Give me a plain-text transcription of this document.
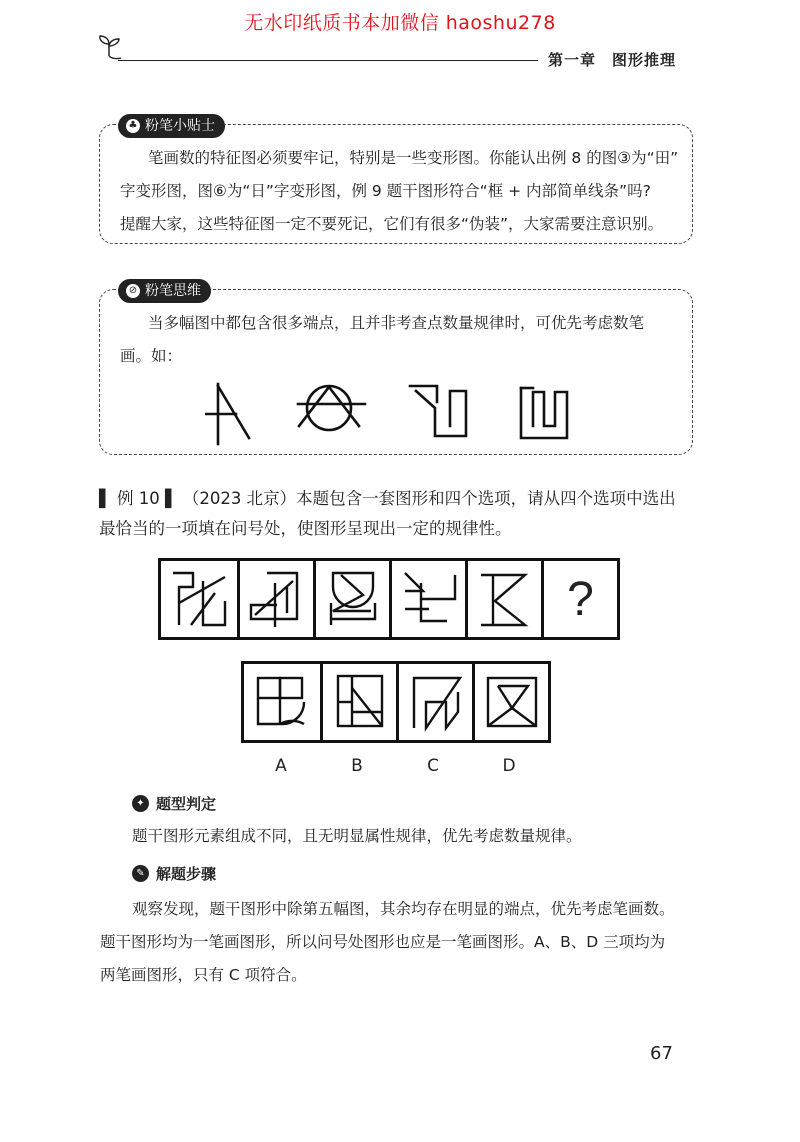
无水印纸质书本加微信 haoshu278
第一章　图形推理
♣ 粉笔小贴士
笔画数的特征图必须要牢记，特别是一些变形图。你能认出例 8 的图③为“田”
字变形图，图⑥为“日”字变形图，例 9 题干图形符合“框 + 内部简单线条”吗?
提醒大家，这些特征图一定不要死记，它们有很多“伪装”，大家需要注意识别。
⊘ 粉笔思维
当多幅图中都包含很多端点，且并非考查点数量规律时，可优先考虑数笔
画。如：
▌ 例 10 ▌ （2023 北京）本题包含一套图形和四个选项，请从四个选项中选出
最恰当的一项填在问号处，使图形呈现出一定的规律性。
?
A	B	C	D
✦ 题型判定
题干图形元素组成不同，且无明显属性规律，优先考虑数量规律。
✎ 解题步骤
观察发现，题干图形中除第五幅图，其余均存在明显的端点，优先考虑笔画数。
题干图形均为一笔画图形，所以问号处图形也应是一笔画图形。A、B、D 三项均为
两笔画图形，只有 C 项符合。
67
